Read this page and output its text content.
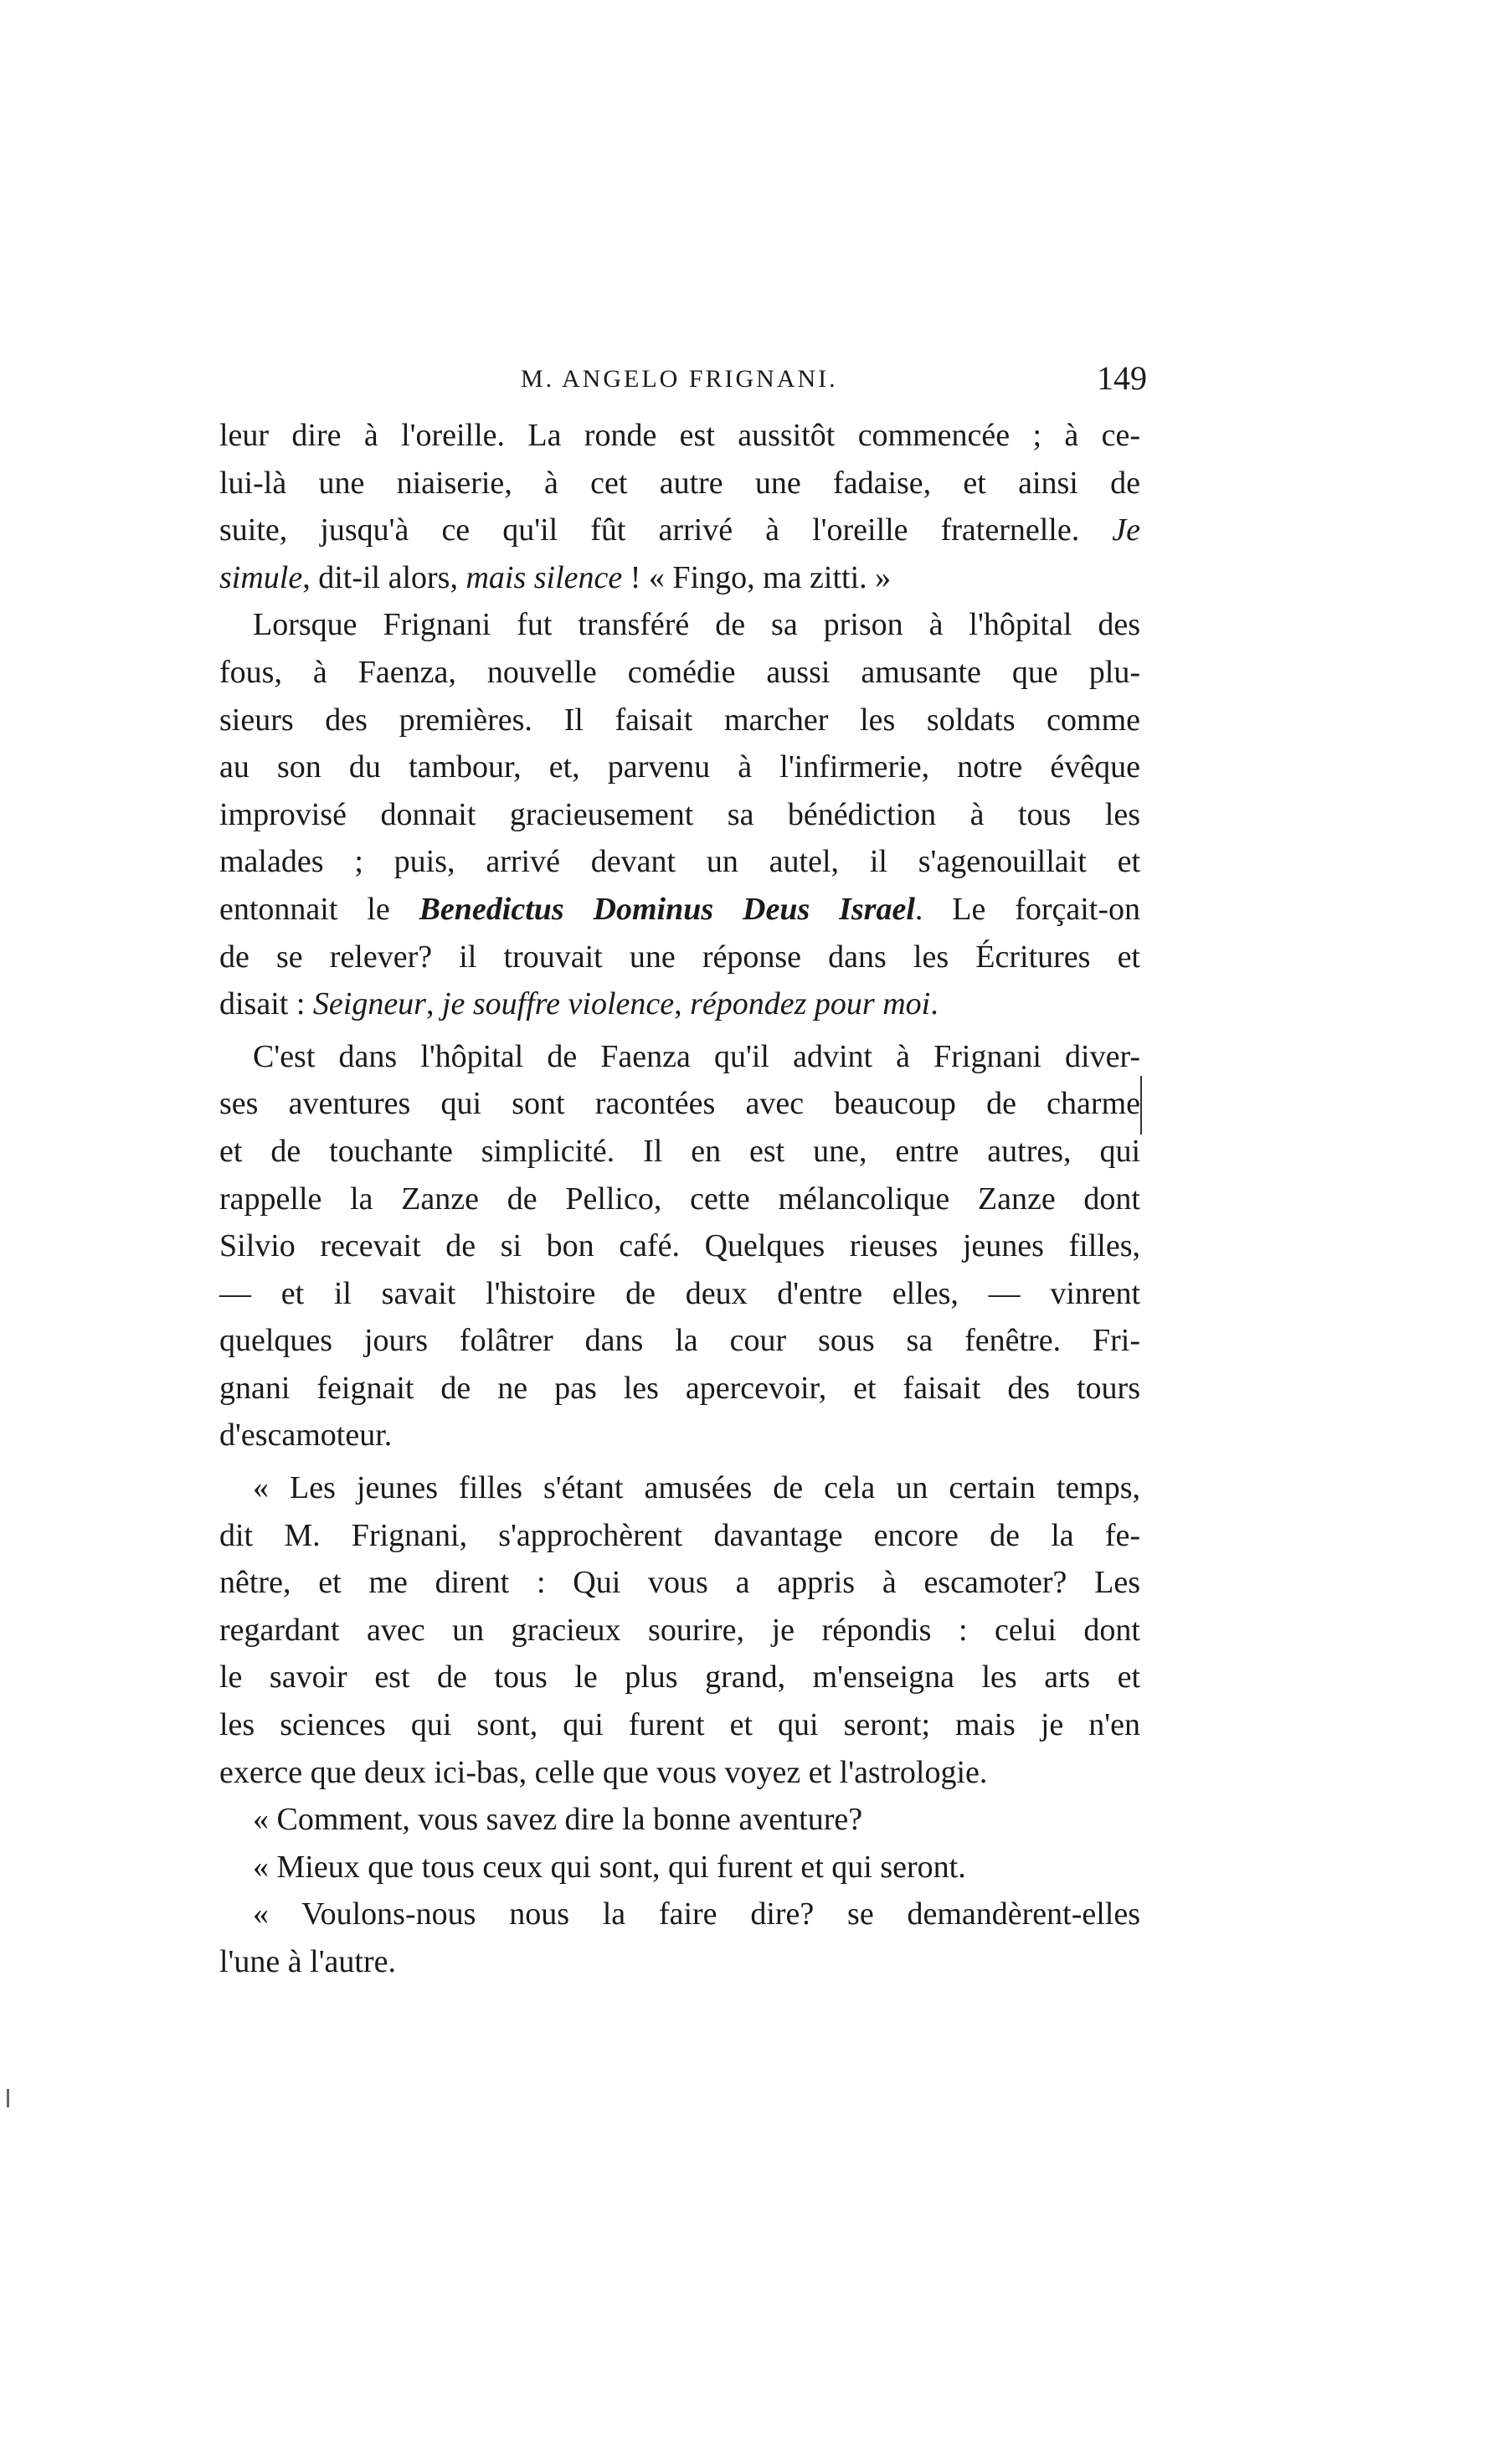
M. ANGELO FRIGNANI.	149

leur dire à l'oreille. La ronde est aussitôt commencée ; à ce-
lui-là une niaiserie, à cet autre une fadaise, et ainsi de
suite, jusqu'à ce qu'il fût arrivé à l'oreille fraternelle. Je
simule, dit-il alors, mais silence ! « Fingo, ma zitti. »
Lorsque Frignani fut transféré de sa prison à l'hôpital des
fous, à Faenza, nouvelle comédie aussi amusante que plu-
sieurs des premières. Il faisait marcher les soldats comme
au son du tambour, et, parvenu à l'infirmerie, notre évêque
improvisé donnait gracieusement sa bénédiction à tous les
malades ; puis, arrivé devant un autel, il s'agenouillait et
entonnait le Benedictus Dominus Deus Israel. Le forçait-on
de se relever? il trouvait une réponse dans les Écritures et
disait : Seigneur, je souffre violence, répondez pour moi.

C'est dans l'hôpital de Faenza qu'il advint à Frignani diver-
ses aventures qui sont racontées avec beaucoup de charme
et de touchante simplicité. Il en est une, entre autres, qui
rappelle la Zanze de Pellico, cette mélancolique Zanze dont
Silvio recevait de si bon café. Quelques rieuses jeunes filles,
— et il savait l'histoire de deux d'entre elles, — vinrent
quelques jours folâtrer dans la cour sous sa fenêtre. Fri-
gnani feignait de ne pas les apercevoir, et faisait des tours
d'escamoteur.

« Les jeunes filles s'étant amusées de cela un certain temps,
dit M. Frignani, s'approchèrent davantage encore de la fe-
nêtre, et me dirent : Qui vous a appris à escamoter? Les
regardant avec un gracieux sourire, je répondis : celui dont
le savoir est de tous le plus grand, m'enseigna les arts et
les sciences qui sont, qui furent et qui seront; mais je n'en
exerce que deux ici-bas, celle que vous voyez et l'astrologie.

« Comment, vous savez dire la bonne aventure?

« Mieux que tous ceux qui sont, qui furent et qui seront.

« Voulons-nous nous la faire dire? se demandèrent-elles
l'une à l'autre.
